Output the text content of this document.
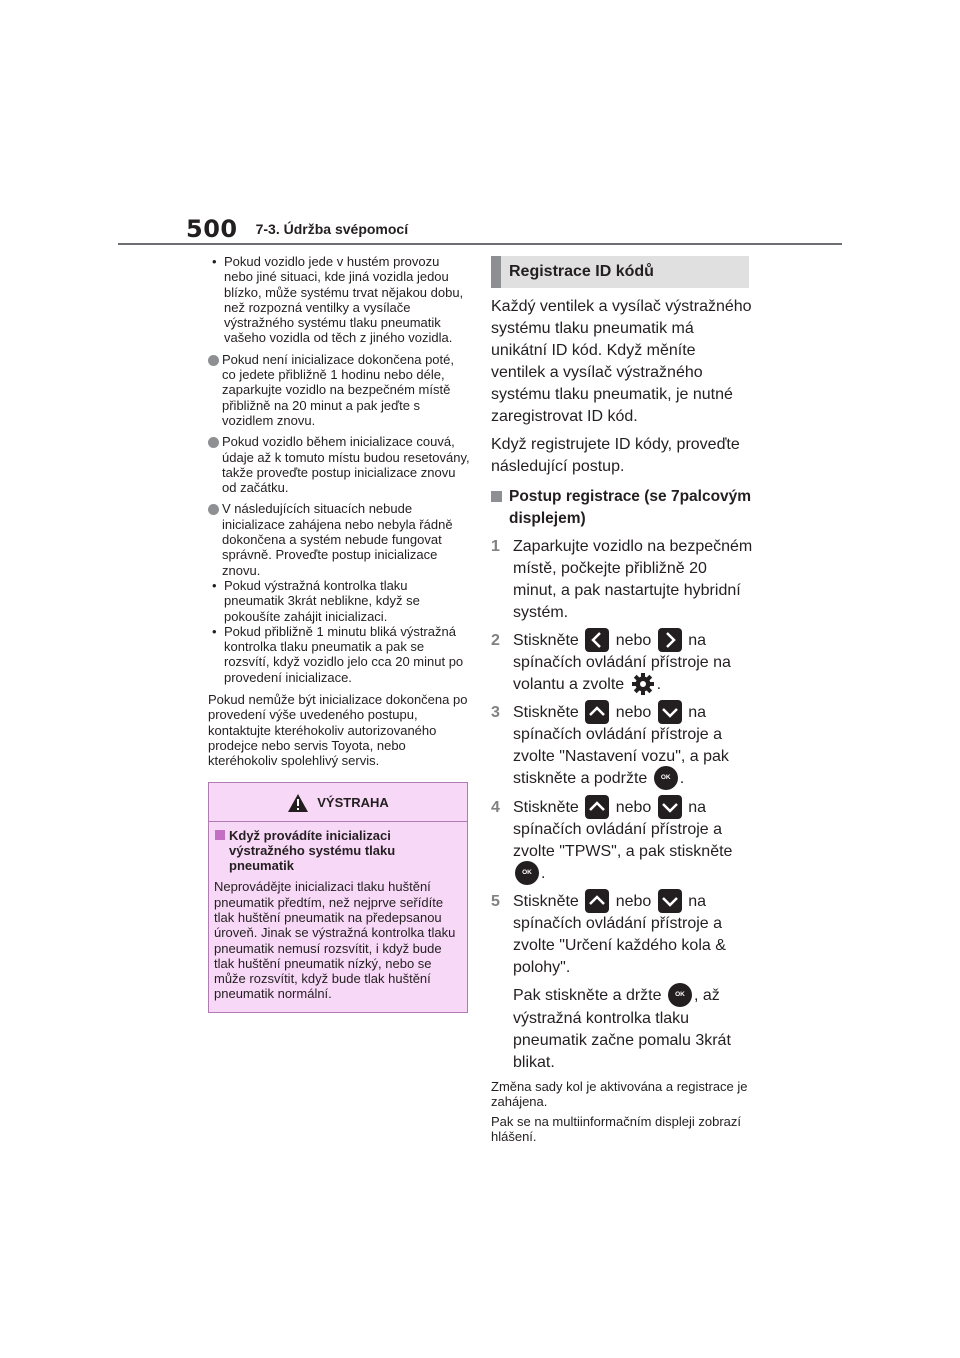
500 7-3. Údržba svépomocí
• Pokud vozidlo jede v hustém provozu nebo jiné situaci, kde jiná vozidla jedou blízko, může systému trvat nějakou dobu, než rozpozná ventilky a vysílače výstražného systému tlaku pneumatik vašeho vozidla od těch z jiného vozidla.
Pokud není inicializace dokončena poté, co jedete přibližně 1 hodinu nebo déle, zaparkujte vozidlo na bezpečném místě přibližně na 20 minut a pak jeďte s vozidlem znovu.
Pokud vozidlo během inicializace couvá, údaje až k tomuto místu budou resetovány, takže proveďte postup inicializace znovu od začátku.
V následujících situacích nebude inicializace zahájena nebo nebyla řádně dokončena a systém nebude fungovat správně. Proveďte postup inicializace znovu.
• Pokud výstražná kontrolka tlaku pneumatik 3krát neblikne, když se pokoušíte zahájit inicializaci.
• Pokud přibližně 1 minutu bliká výstražná kontrolka tlaku pneumatik a pak se rozsvítí, když vozidlo jelo cca 20 minut po provedení inicializace.
Pokud nemůže být inicializace dokončena po provedení výše uvedeného postupu, kontaktujte kteréhokoliv autorizovaného prodejce nebo servis Toyota, nebo kteréhokoliv spolehlivý servis.
VÝSTRAHA
Když provádíte inicializaci výstražného systému tlaku pneumatik
Neprovádějte inicializaci tlaku huštění pneumatik předtím, než nejprve seřídíte tlak huštění pneumatik na předepsanou úroveň. Jinak se výstražná kontrolka tlaku pneumatik nemusí rozsvítit, i když bude tlak huštění pneumatik nízký, nebo se může rozsvítit, když bude tlak huštění pneumatik normální.
Registrace ID kódů
Každý ventilek a vysílač výstražného systému tlaku pneumatik má unikátní ID kód. Když měníte ventilek a vysílač výstražného systému tlaku pneumatik, je nutné zaregistrovat ID kód.
Když registrujete ID kódy, proveďte následující postup.
Postup registrace (se 7palcovým displejem)
1 Zaparkujte vozidlo na bezpečném místě, počkejte přibližně 20 minut, a pak nastartujte hybridní systém.
2 Stiskněte
nebo
na spínačích ovládání přístroje na volantu a zvolte .
3 Stiskněte
nebo
na spínačích ovládání přístroje a zvolte "Nastavení vozu", a pak stiskněte a podržte OK .
4 Stiskněte
nebo
na spínačích ovládání přístroje a zvolte "TPWS", a pak stiskněte OK .
5 Stiskněte
nebo
na spínačích ovládání přístroje a zvolte "Určení každého kola & polohy".
Pak stiskněte a držte OK , až výstražná kontrolka tlaku pneumatik začne pomalu 3krát blikat.
Změna sady kol je aktivována a registrace je zahájena.
Pak se na multiinformačním displeji zobrazí hlášení.
